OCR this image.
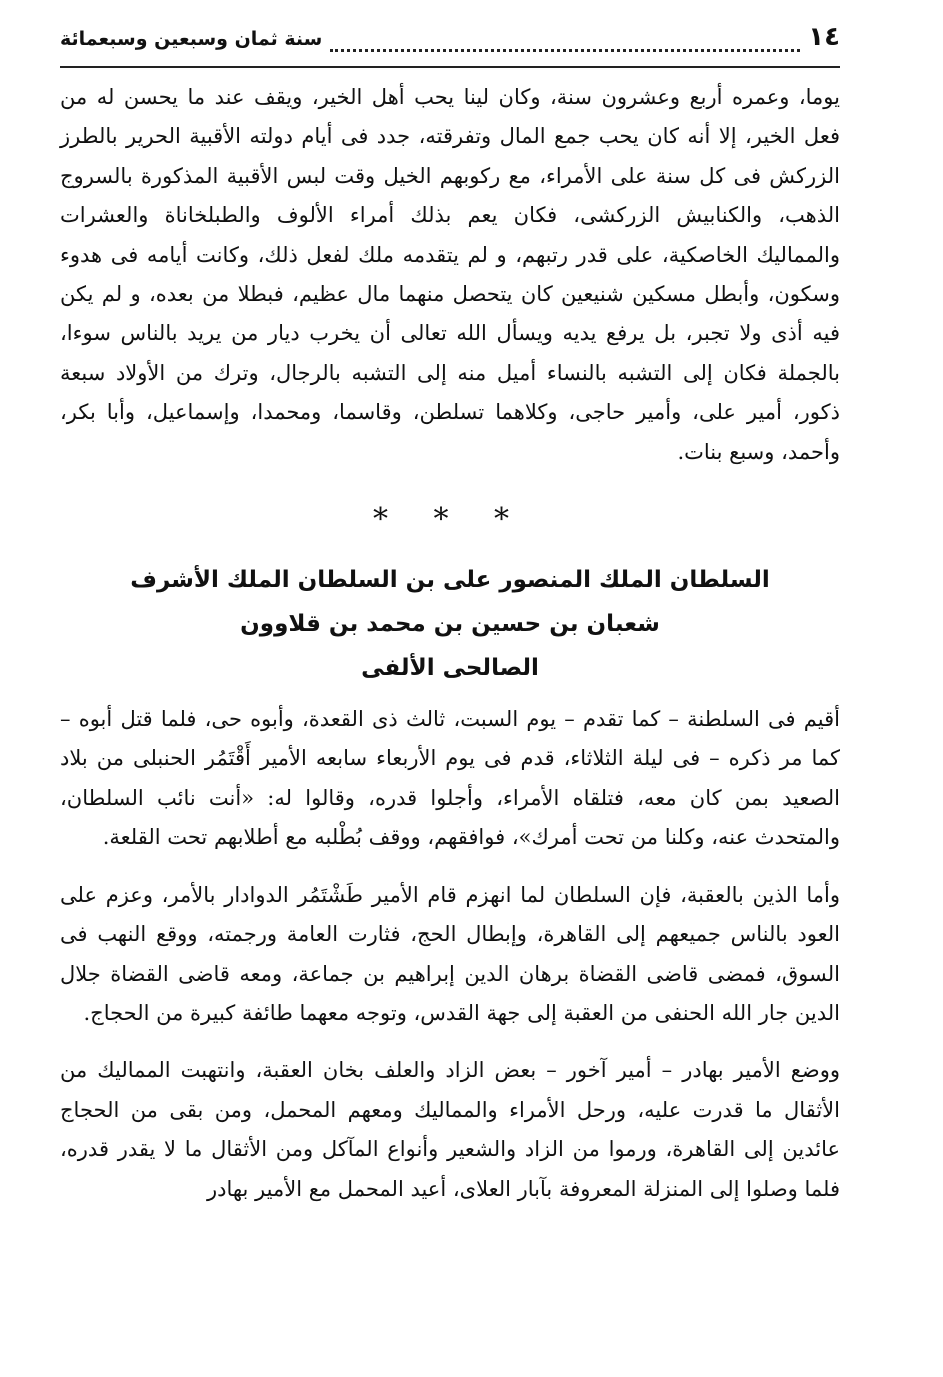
١٤
سنة ثمان وسبعين وسبعمائة

يوما، وعمره أربع وعشرون سنة، وكان لينا يحب أهل الخير، ويقف عند ما يحسن له من فعل الخير، إلا أنه كان يحب جمع المال وتفرقته، جدد فى أيام دولته الأقبية الحرير بالطرز الزركش فى كل سنة على الأمراء، مع ركوبهم الخيل وقت لبس الأقبية المذكورة بالسروج الذهب، والكنابيش الزركشى، فكان يعم بذلك أمراء الألوف والطبلخاناة والعشرات والمماليك الخاصكية، على قدر رتبهم، و لم يتقدمه ملك لفعل ذلك، وكانت أيامه فى هدوء وسكون، وأبطل مسكين شنيعين كان يتحصل منهما مال عظيم، فبطلا من بعده، و لم يكن فيه أذى ولا تجبر، بل يرفع يديه ويسأل الله تعالى أن يخرب ديار من يريد بالناس سوءا، بالجملة فكان إلى التشبه بالنساء أميل منه إلى التشبه بالرجال، وترك من الأولاد سبعة ذكور، أمير على، وأمير حاجى، وكلاهما تسلطن، وقاسما، ومحمدا، وإسماعيل، وأبا بكر، وأحمد، وسبع بنات.

* * *
السلطان الملك المنصور على بن السلطان الملك الأشرف
شعبان بن حسين بن محمد بن قلاوون
الصالحى الألفى

أقيم فى السلطنة – كما تقدم – يوم السبت، ثالث ذى القعدة، وأبوه حى، فلما قتل أبوه – كما مر ذكره – فى ليلة الثلاثاء، قدم فى يوم الأربعاء سابعه الأمير أَقْتَمُر الحنبلى من بلاد الصعيد بمن كان معه، فتلقاه الأمراء، وأجلوا قدره، وقالوا له: «أنت نائب السلطان، والمتحدث عنه، وكلنا من تحت أمرك»، فوافقهم، ووقف بُطْلبه مع أطلابهم تحت القلعة.

وأما الذين بالعقبة، فإن السلطان لما انهزم قام الأمير طَشْتَمُر الدوادار بالأمر، وعزم على العود بالناس جميعهم إلى القاهرة، وإبطال الحج، فثارت العامة ورجمته، ووقع النهب فى السوق، فمضى قاضى القضاة برهان الدين إبراهيم بن جماعة، ومعه قاضى القضاة جلال الدين جار الله الحنفى من العقبة إلى جهة القدس، وتوجه معهما طائفة كبيرة من الحجاج.

ووضع الأمير بهادر – أمير آخور – بعض الزاد والعلف بخان العقبة، وانتهبت المماليك من الأثقال ما قدرت عليه، ورحل الأمراء والمماليك ومعهم المحمل، ومن بقى من الحجاج عائدين إلى القاهرة، ورموا من الزاد والشعير وأنواع المآكل ومن الأثقال ما لا يقدر قدره، فلما وصلوا إلى المنزلة المعروفة بآبار العلاى، أعيد المحمل مع الأمير بهادر
